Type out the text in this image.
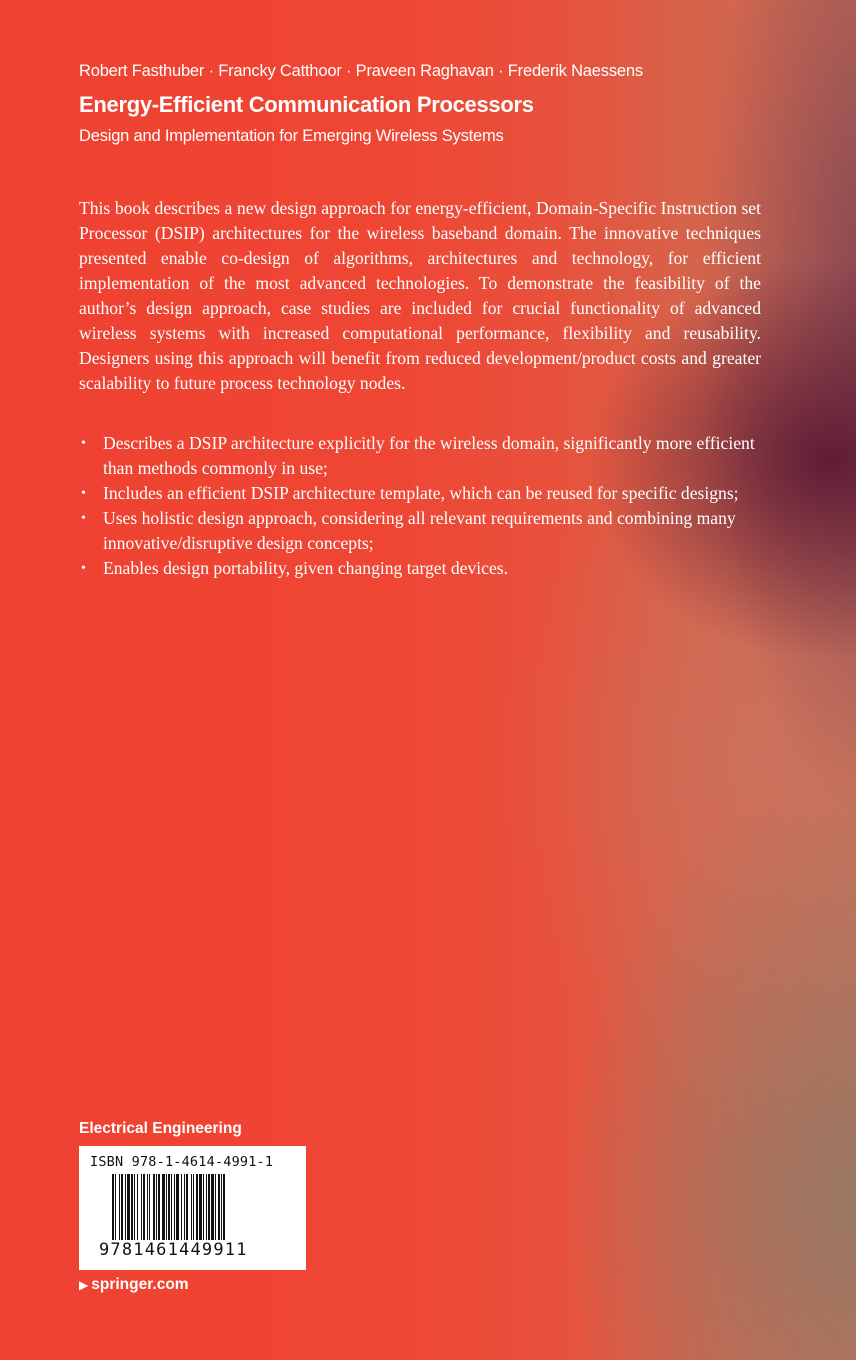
Robert Fasthuber · Francky Catthoor · Praveen Raghavan · Frederik Naessens
Energy-Efficient Communication Processors
Design and Implementation for Emerging Wireless Systems

This book describes a new design approach for energy-efficient, Domain-Specific Instruction set Processor (DSIP) architectures for the wireless baseband domain. The innovative techniques presented enable co-design of algorithms, architectures and technology, for efficient implementation of the most advanced technologies. To demonstrate the feasibility of the author’s design approach, case studies are included for crucial functionality of advanced wireless systems with increased computational performance, flexibility and reusability. Designers using this approach will benefit from reduced development/product costs and greater scalability to future process technology nodes.

• Describes a DSIP architecture explicitly for the wireless domain, significantly more efficient than methods commonly in use;
• Includes an efficient DSIP architecture template, which can be reused for specific designs;
• Uses holistic design approach, considering all relevant requirements and combining many innovative/disruptive design concepts;
• Enables design portability, given changing target devices.
Electrical Engineering
ISBN 978-1-4614-4991-1
9781461449911
▶ springer.com
